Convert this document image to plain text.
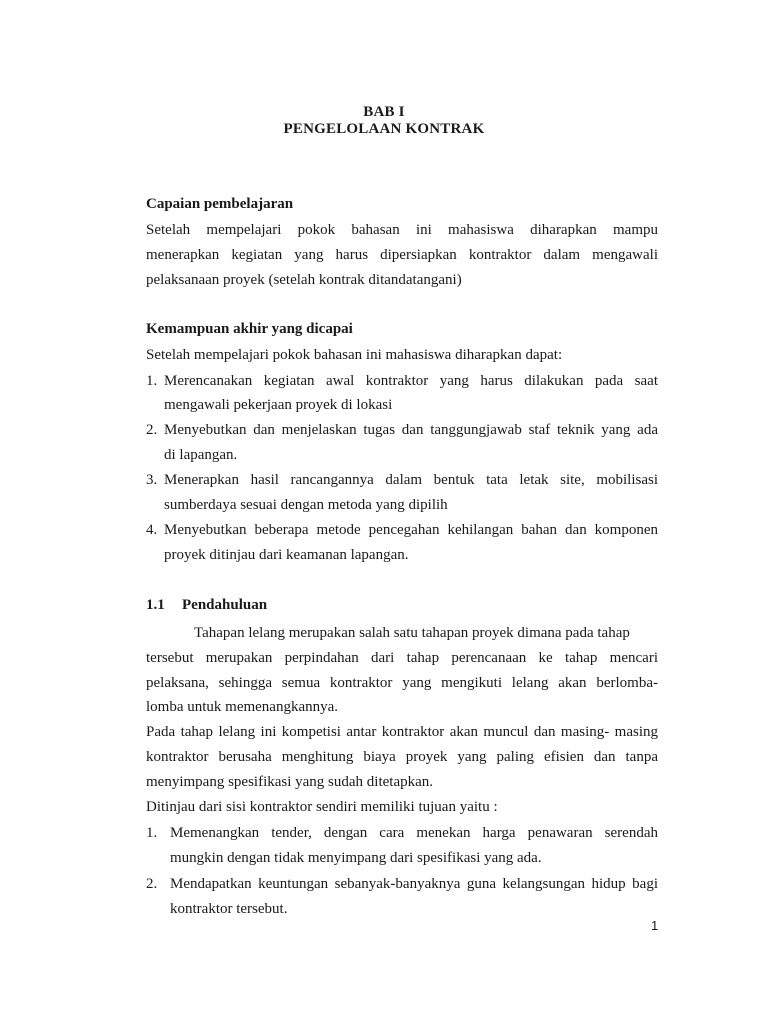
BAB I
PENGELOLAAN KONTRAK
Capaian pembelajaran
Setelah mempelajari pokok bahasan ini mahasiswa diharapkan mampu
menerapkan kegiatan yang harus dipersiapkan kontraktor dalam mengawali
pelaksanaan proyek (setelah kontrak ditandatangani)
Kemampuan akhir yang dicapai
Setelah mempelajari pokok bahasan ini mahasiswa diharapkan dapat:
1. Merencanakan kegiatan awal kontraktor yang harus dilakukan pada saat
mengawali pekerjaan proyek di lokasi
2. Menyebutkan dan menjelaskan tugas dan tanggungjawab staf teknik yang ada
di lapangan.
3. Menerapkan hasil rancangannya dalam bentuk tata letak site, mobilisasi
sumberdaya sesuai dengan metoda yang dipilih
4. Menyebutkan beberapa metode pencegahan kehilangan bahan dan komponen
proyek ditinjau dari keamanan lapangan.
1.1 Pendahuluan
Tahapan lelang merupakan salah satu tahapan proyek dimana pada tahap
tersebut merupakan perpindahan dari tahap perencanaan ke tahap mencari
pelaksana, sehingga semua kontraktor yang mengikuti lelang akan berlomba-
lomba untuk memenangkannya.
Pada tahap lelang ini kompetisi antar kontraktor akan muncul dan masing- masing
kontraktor berusaha menghitung biaya proyek yang paling efisien dan tanpa
menyimpang spesifikasi yang sudah ditetapkan.
Ditinjau dari sisi kontraktor sendiri memiliki tujuan yaitu :
1. Memenangkan tender, dengan cara menekan harga penawaran serendah
mungkin dengan tidak menyimpang dari spesifikasi yang ada.
2. Mendapatkan keuntungan sebanyak-banyaknya guna kelangsungan hidup bagi
kontraktor tersebut.
1
